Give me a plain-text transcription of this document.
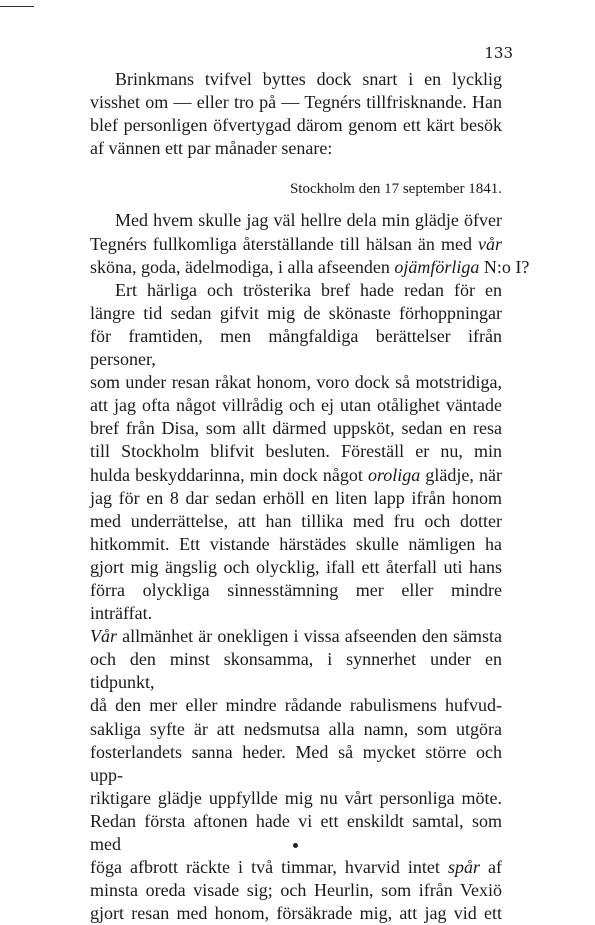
133
Brinkmans tvifvel byttes dock snart i en lycklig
visshet om — eller tro på — Tegnérs tillfrisknande. Han
blef personligen öfvertygad därom genom ett kärt besök
af vännen ett par månader senare:
Stockholm den 17 september 1841.
Med hvem skulle jag väl hellre dela min glädje öfver
Tegnérs fullkomliga återställande till hälsan än med vår
sköna, goda, ädelmodiga, i alla afseenden ojämförliga N:o I?
Ert härliga och trösterika bref hade redan för en
längre tid sedan gifvit mig de skönaste förhoppningar
för framtiden, men mångfaldiga berättelser ifrån personer,
som under resan råkat honom, voro dock så motstridiga,
att jag ofta något villrådig och ej utan otålighet väntade
bref från Disa, som allt därmed uppsköt, sedan en resa
till Stockholm blifvit besluten. Föreställ er nu, min
hulda beskyddarinna, min dock något oroliga glädje, när
jag för en 8 dar sedan erhöll en liten lapp ifrån honom
med underrättelse, att han tillika med fru och dotter
hitkommit. Ett vistande härstädes skulle nämligen ha
gjort mig ängslig och olycklig, ifall ett återfall uti hans
förra olyckliga sinnesstämning mer eller mindre inträffat.
Vår allmänhet är onekligen i vissa afseenden den sämsta
och den minst skonsamma, i synnerhet under en tidpunkt,
då den mer eller mindre rådande rabulismens hufvud-
sakliga syfte är att nedsmutsa alla namn, som utgöra
fosterlandets sanna heder. Med så mycket större och upp-
riktigare glädje uppfyllde mig nu vårt personliga möte.
Redan första aftonen hade vi ett enskildt samtal, som med
föga afbrott räckte i två timmar, hvarvid intet spår af
minsta oreda visade sig; och Heurlin, som ifrån Vexiö
gjort resan med honom, försäkrade mig, att jag vid ett
